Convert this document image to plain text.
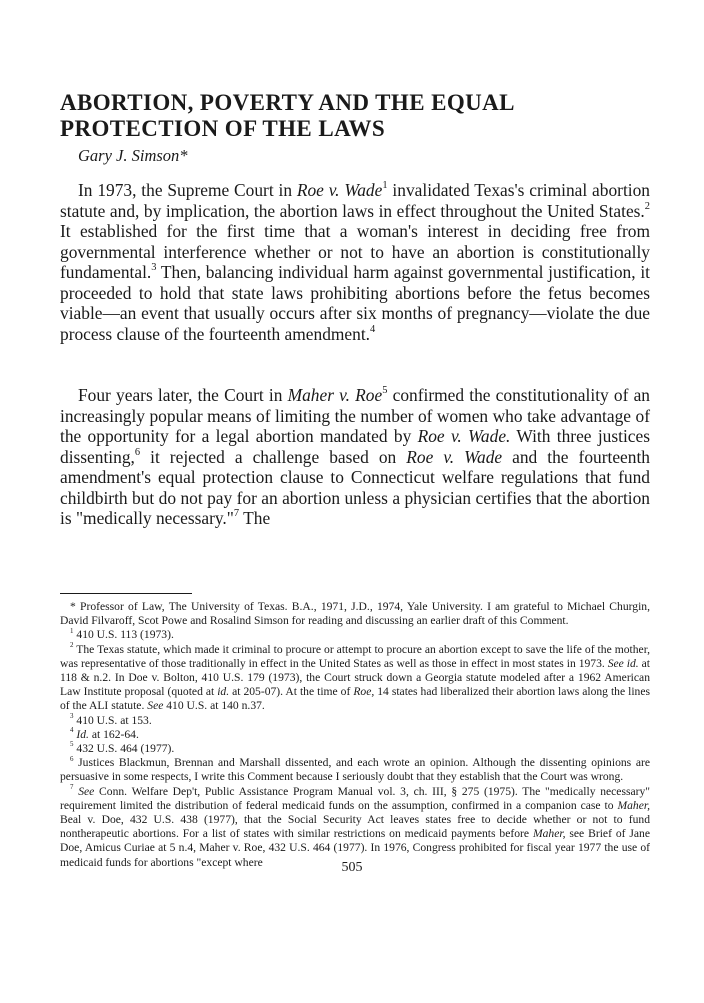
ABORTION, POVERTY AND THE EQUAL PROTECTION OF THE LAWS

Gary J. Simson*

In 1973, the Supreme Court in Roe v. Wade$^1$ invalidated Texas's criminal abortion statute and, by implication, the abortion laws in effect throughout the United States.$^2$ It established for the first time that a woman's interest in deciding free from governmental interference whether or not to have an abortion is constitutionally fundamental.$^3$ Then, balancing individual harm against governmental justification, it proceeded to hold that state laws prohibiting abortions before the fetus becomes viable—an event that usually occurs after six months of pregnancy—violate the due process clause of the fourteenth amendment.$^4$

Four years later, the Court in Maher v. Roe$^5$ confirmed the constitutionality of an increasingly popular means of limiting the number of women who take advantage of the opportunity for a legal abortion mandated by Roe v. Wade. With three justices dissenting,$^6$ it rejected a challenge based on Roe v. Wade and the fourteenth amendment's equal protection clause to Connecticut welfare regulations that fund childbirth but do not pay for an abortion unless a physician certifies that the abortion is "medically necessary."$^7$ The

* Professor of Law, The University of Texas. B.A., 1971, J.D., 1974, Yale University. I am grateful to Michael Churgin, David Filvaroff, Scot Powe and Rosalind Simson for reading and discussing an earlier draft of this Comment.

$^1$ 410 U.S. 113 (1973).

$^2$ The Texas statute, which made it criminal to procure or attempt to procure an abortion except to save the life of the mother, was representative of those traditionally in effect in the United States as well as those in effect in most states in 1973. See id. at 118 & n.2. In Doe v. Bolton, 410 U.S. 179 (1973), the Court struck down a Georgia statute modeled after a 1962 American Law Institute proposal (quoted at id. at 205-07). At the time of Roe, 14 states had liberalized their abortion laws along the lines of the ALI statute. See 410 U.S. at 140 n.37.

$^3$ 410 U.S. at 153.

$^4$ Id. at 162-64.

$^5$ 432 U.S. 464 (1977).

$^6$ Justices Blackmun, Brennan and Marshall dissented, and each wrote an opinion. Although the dissenting opinions are persuasive in some respects, I write this Comment because I seriously doubt that they establish that the Court was wrong.

$^7$ See Conn. Welfare Dep't, Public Assistance Program Manual vol. 3, ch. III, § 275 (1975). The "medically necessary" requirement limited the distribution of federal medicaid funds on the assumption, confirmed in a companion case to Maher, Beal v. Doe, 432 U.S. 438 (1977), that the Social Security Act leaves states free to decide whether or not to fund nontherapeutic abortions. For a list of states with similar restrictions on medicaid payments before Maher, see Brief of Jane Doe, Amicus Curiae at 5 n.4, Maher v. Roe, 432 U.S. 464 (1977). In 1976, Congress prohibited for fiscal year 1977 the use of medicaid funds for abortions "except where	505
